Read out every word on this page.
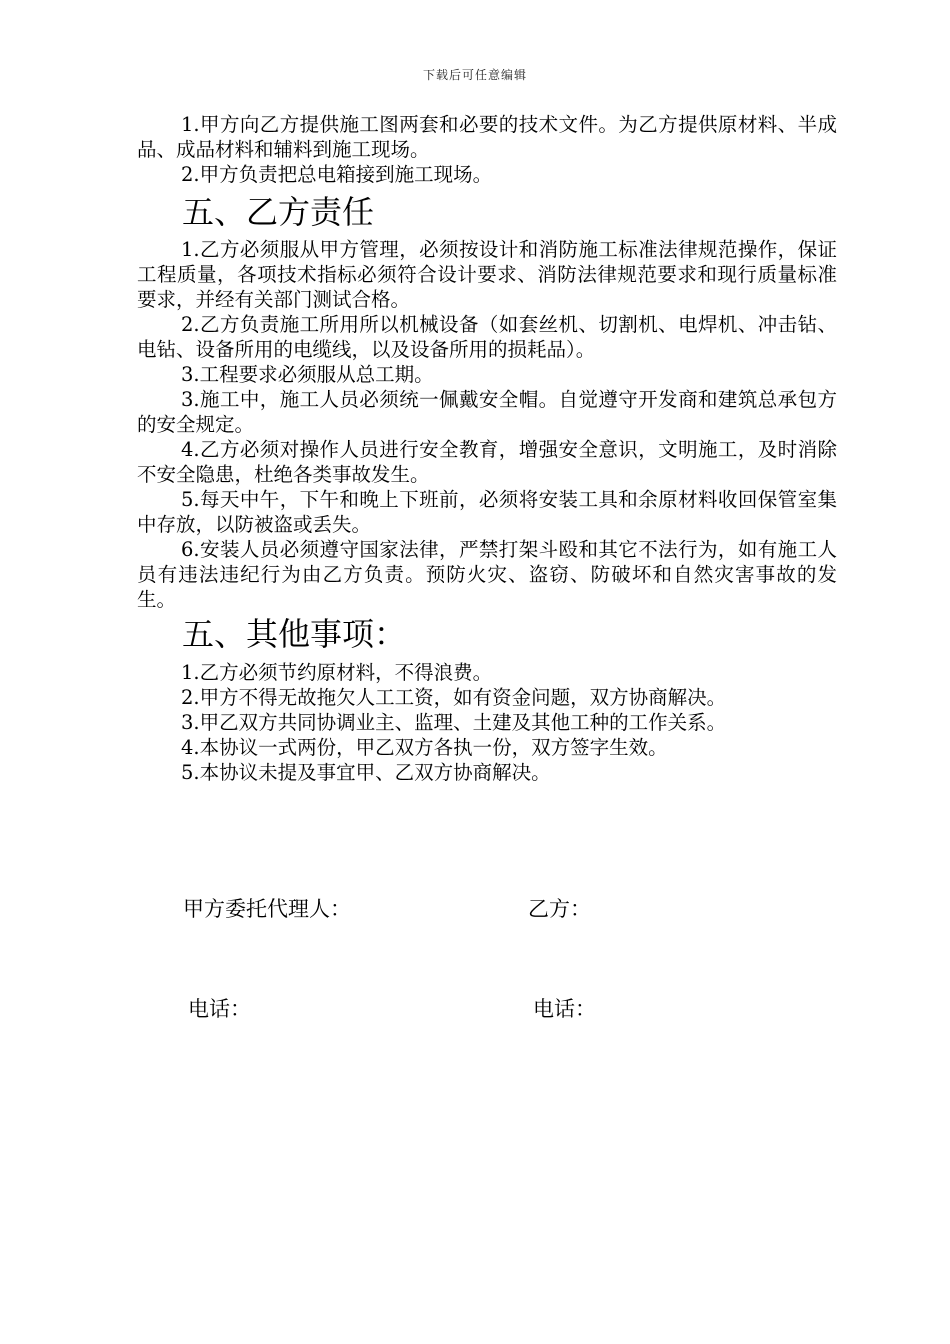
下载后可任意编辑

1.甲方向乙方提供施工图两套和必要的技术文件。为乙方提供原材料、半成品、成品材料和辅料到施工现场。

2.甲方负责把总电箱接到施工现场。

五、乙方责任

1.乙方必须服从甲方管理，必须按设计和消防施工标准法律规范操作，保证工程质量，各项技术指标必须符合设计要求、消防法律规范要求和现行质量标准要求，并经有关部门测试合格。

2.乙方负责施工所用所以机械设备（如套丝机、切割机、电焊机、冲击钻、电钻、设备所用的电缆线，以及设备所用的损耗品）。

3.工程要求必须服从总工期。

3.施工中，施工人员必须统一佩戴安全帽。自觉遵守开发商和建筑总承包方的安全规定。

4.乙方必须对操作人员进行安全教育，增强安全意识，文明施工，及时消除不安全隐患，杜绝各类事故发生。

5.每天中午，下午和晚上下班前，必须将安装工具和余原材料收回保管室集中存放，以防被盗或丢失。

6.安装人员必须遵守国家法律，严禁打架斗殴和其它不法行为，如有施工人员有违法违纪行为由乙方负责。预防火灾、盗窃、防破坏和自然灾害事故的发生。

五、其他事项：

1.乙方必须节约原材料，不得浪费。

2.甲方不得无故拖欠人工工资，如有资金问题，双方协商解决。

3.甲乙双方共同协调业主、监理、土建及其他工种的工作关系。

4.本协议一式两份，甲乙双方各执一份，双方签字生效。

5.本协议未提及事宜甲、乙双方协商解决。

甲方委托代理人：	乙方：
电话：	电话：
